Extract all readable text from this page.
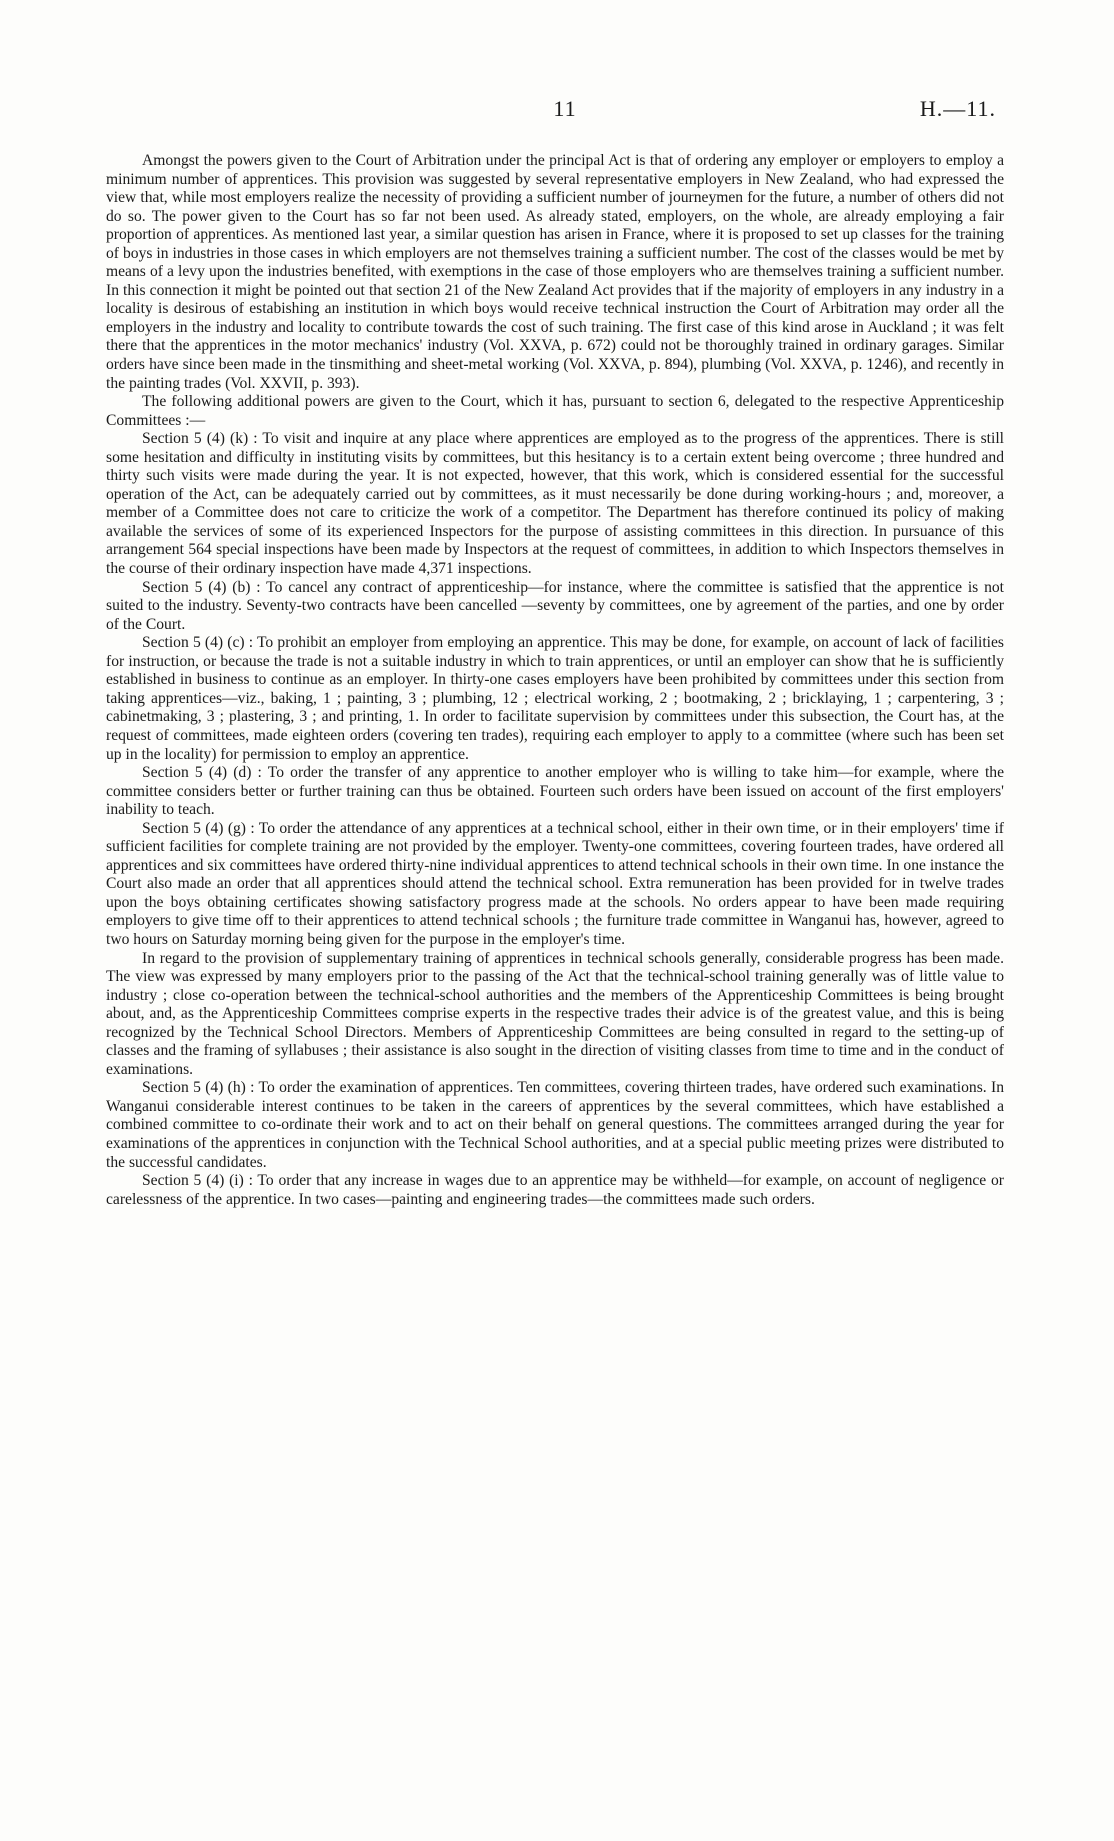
11	H.—11.

Amongst the powers given to the Court of Arbitration under the principal Act is that of ordering any employer or employers to employ a minimum number of apprentices. This provision was suggested by several representative employers in New Zealand, who had expressed the view that, while most employers realize the necessity of providing a sufficient number of journeymen for the future, a number of others did not do so. The power given to the Court has so far not been used. As already stated, employers, on the whole, are already employing a fair proportion of apprentices. As mentioned last year, a similar question has arisen in France, where it is proposed to set up classes for the training of boys in industries in those cases in which employers are not themselves training a sufficient number. The cost of the classes would be met by means of a levy upon the industries benefited, with exemptions in the case of those employers who are themselves training a sufficient number. In this connection it might be pointed out that section 21 of the New Zealand Act provides that if the majority of employers in any industry in a locality is desirous of estabishing an institution in which boys would receive technical instruction the Court of Arbitration may order all the employers in the industry and locality to contribute towards the cost of such training. The first case of this kind arose in Auckland ; it was felt there that the apprentices in the motor mechanics' industry (Vol. XXVA, p. 672) could not be thoroughly trained in ordinary garages. Similar orders have since been made in the tinsmithing and sheet-metal working (Vol. XXVA, p. 894), plumbing (Vol. XXVA, p. 1246), and recently in the painting trades (Vol. XXVII, p. 393).

The following additional powers are given to the Court, which it has, pursuant to section 6, delegated to the respective Apprenticeship Committees :—

Section 5 (4) (k) : To visit and inquire at any place where apprentices are employed as to the progress of the apprentices. There is still some hesitation and difficulty in instituting visits by committees, but this hesitancy is to a certain extent being overcome ; three hundred and thirty such visits were made during the year. It is not expected, however, that this work, which is considered essential for the successful operation of the Act, can be adequately carried out by committees, as it must necessarily be done during working-hours ; and, moreover, a member of a Committee does not care to criticize the work of a competitor. The Department has therefore continued its policy of making available the services of some of its experienced Inspectors for the purpose of assisting committees in this direction. In pursuance of this arrangement 564 special inspections have been made by Inspectors at the request of committees, in addition to which Inspectors themselves in the course of their ordinary inspection have made 4,371 inspections.

Section 5 (4) (b) : To cancel any contract of apprenticeship—for instance, where the committee is satisfied that the apprentice is not suited to the industry. Seventy-two contracts have been cancelled —seventy by committees, one by agreement of the parties, and one by order of the Court.

Section 5 (4) (c) : To prohibit an employer from employing an apprentice. This may be done, for example, on account of lack of facilities for instruction, or because the trade is not a suitable industry in which to train apprentices, or until an employer can show that he is sufficiently established in business to continue as an employer. In thirty-one cases employers have been prohibited by committees under this section from taking apprentices—viz., baking, 1 ; painting, 3 ; plumbing, 12 ; electrical working, 2 ; bootmaking, 2 ; bricklaying, 1 ; carpentering, 3 ; cabinetmaking, 3 ; plastering, 3 ; and printing, 1. In order to facilitate supervision by committees under this subsection, the Court has, at the request of committees, made eighteen orders (covering ten trades), requiring each employer to apply to a committee (where such has been set up in the locality) for permission to employ an apprentice.

Section 5 (4) (d) : To order the transfer of any apprentice to another employer who is willing to take him—for example, where the committee considers better or further training can thus be obtained. Fourteen such orders have been issued on account of the first employers' inability to teach.

Section 5 (4) (g) : To order the attendance of any apprentices at a technical school, either in their own time, or in their employers' time if sufficient facilities for complete training are not provided by the employer. Twenty-one committees, covering fourteen trades, have ordered all apprentices and six committees have ordered thirty-nine individual apprentices to attend technical schools in their own time. In one instance the Court also made an order that all apprentices should attend the technical school. Extra remuneration has been provided for in twelve trades upon the boys obtaining certificates showing satisfactory progress made at the schools. No orders appear to have been made requiring employers to give time off to their apprentices to attend technical schools ; the furniture trade committee in Wanganui has, however, agreed to two hours on Saturday morning being given for the purpose in the employer's time.

In regard to the provision of supplementary training of apprentices in technical schools generally, considerable progress has been made. The view was expressed by many employers prior to the passing of the Act that the technical-school training generally was of little value to industry ; close co-operation between the technical-school authorities and the members of the Apprenticeship Committees is being brought about, and, as the Apprenticeship Committees comprise experts in the respective trades their advice is of the greatest value, and this is being recognized by the Technical School Directors. Members of Apprenticeship Committees are being consulted in regard to the setting-up of classes and the framing of syllabuses ; their assistance is also sought in the direction of visiting classes from time to time and in the conduct of examinations.

Section 5 (4) (h) : To order the examination of apprentices. Ten committees, covering thirteen trades, have ordered such examinations. In Wanganui considerable interest continues to be taken in the careers of apprentices by the several committees, which have established a combined committee to co-ordinate their work and to act on their behalf on general questions. The committees arranged during the year for examinations of the apprentices in conjunction with the Technical School authorities, and at a special public meeting prizes were distributed to the successful candidates.

Section 5 (4) (i) : To order that any increase in wages due to an apprentice may be withheld—for example, on account of negligence or carelessness of the apprentice. In two cases—painting and engineering trades—the committees made such orders.
